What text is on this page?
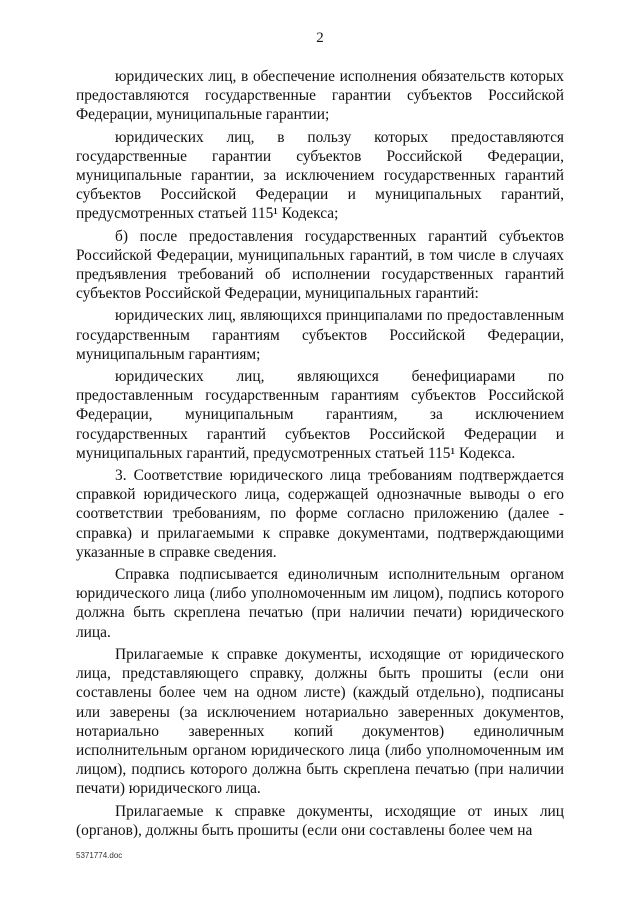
2

юридических лиц, в обеспечение исполнения обязательств которых предоставляются государственные гарантии субъектов Российской Федерации, муниципальные гарантии;

юридических лиц, в пользу которых предоставляются государственные гарантии субъектов Российской Федерации, муниципальные гарантии, за исключением государственных гарантий субъектов Российской Федерации и муниципальных гарантий, предусмотренных статьей 115¹ Кодекса;

б) после предоставления государственных гарантий субъектов Российской Федерации, муниципальных гарантий, в том числе в случаях предъявления требований об исполнении государственных гарантий субъектов Российской Федерации, муниципальных гарантий:

юридических лиц, являющихся принципалами по предоставленным государственным гарантиям субъектов Российской Федерации, муниципальным гарантиям;

юридических лиц, являющихся бенефициарами по предоставленным государственным гарантиям субъектов Российской Федерации, муниципальным гарантиям, за исключением государственных гарантий субъектов Российской Федерации и муниципальных гарантий, предусмотренных статьей 115¹ Кодекса.

3. Соответствие юридического лица требованиям подтверждается справкой юридического лица, содержащей однозначные выводы о его соответствии требованиям, по форме согласно приложению (далее - справка) и прилагаемыми к справке документами, подтверждающими указанные в справке сведения.

Справка подписывается единоличным исполнительным органом юридического лица (либо уполномоченным им лицом), подпись которого должна быть скреплена печатью (при наличии печати) юридического лица.

Прилагаемые к справке документы, исходящие от юридического лица, представляющего справку, должны быть прошиты (если они составлены более чем на одном листе) (каждый отдельно), подписаны или заверены (за исключением нотариально заверенных документов, нотариально заверенных копий документов) единоличным исполнительным органом юридического лица (либо уполномоченным им лицом), подпись которого должна быть скреплена печатью (при наличии печати) юридического лица.

Прилагаемые к справке документы, исходящие от иных лиц (органов), должны быть прошиты (если они составлены более чем на

5371774.doc
